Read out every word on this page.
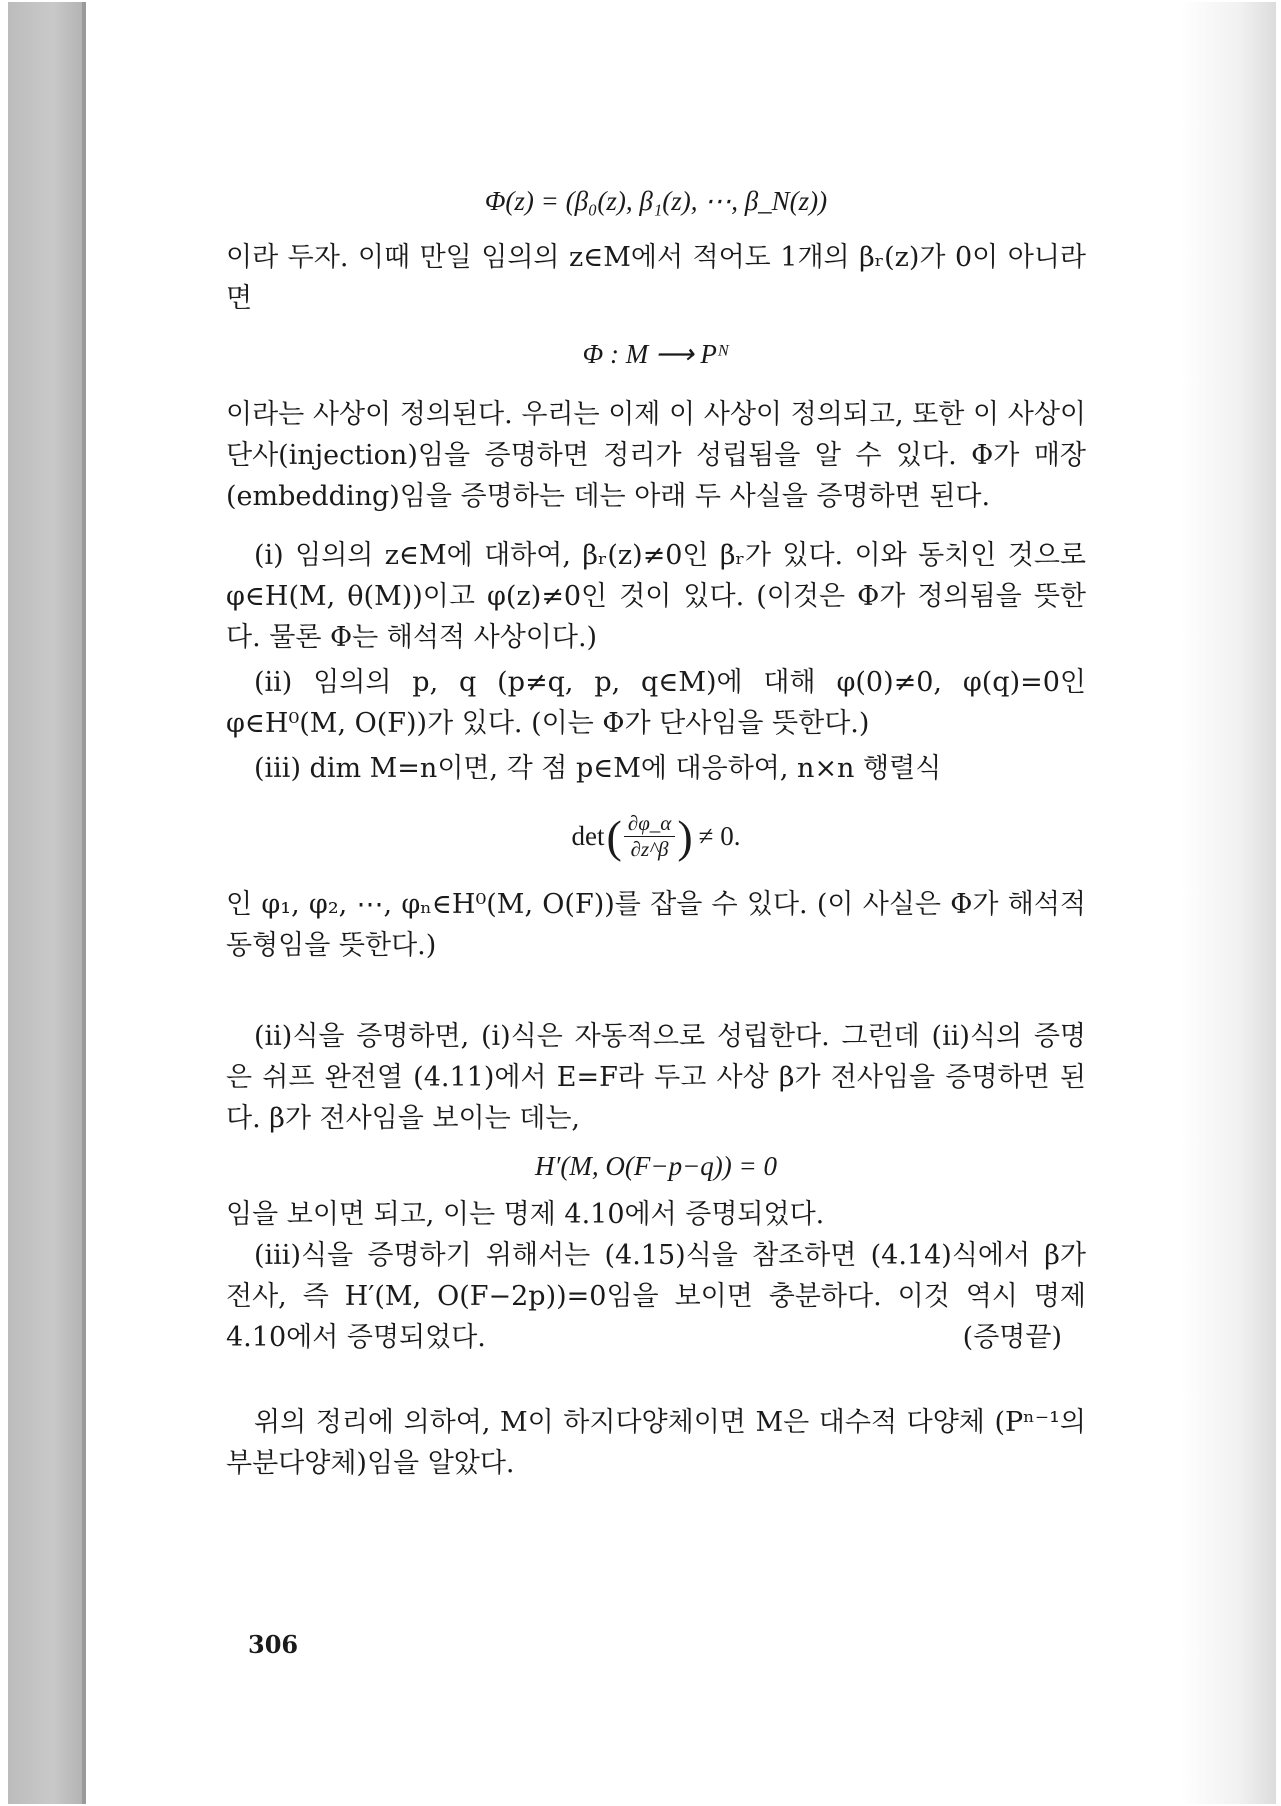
Φ(z) = (β₀(z), β₁(z), ⋯, β_N(z))

이라 두자. 이때 만일 임의의 z∈M에서 적어도 1개의 βᵣ(z)가 0이 아니라면

Φ : M ⟶ Pᴺ

이라는 사상이 정의된다. 우리는 이제 이 사상이 정의되고, 또한 이 사상이 단사(injection)임을 증명하면 정리가 성립됨을 알 수 있다. Φ가 매장(embedding)임을 증명하는 데는 아래 두 사실을 증명하면 된다.

(i) 임의의 z∈M에 대하여, βᵣ(z)≠0인 βᵣ가 있다. 이와 동치인 것으로 φ∈H(M, θ(M))이고 φ(z)≠0인 것이 있다. (이것은 Φ가 정의됨을 뜻한다. 물론 Φ는 해석적 사상이다.)

(ii) 임의의 p, q (p≠q, p, q∈M)에 대해 φ(0)≠0, φ(q)=0인 φ∈H⁰(M, O(F))가 있다. (이는 Φ가 단사임을 뜻한다.)

(iii) dim M=n이면, 각 점 p∈M에 대응하여, n×n 행렬식

det ( ∂φ_α
∂z^β ) ≠ 0.

인 φ₁, φ₂, ⋯, φₙ∈H⁰(M, O(F))를 잡을 수 있다. (이 사실은 Φ가 해석적 동형임을 뜻한다.)

(ii)식을 증명하면, (i)식은 자동적으로 성립한다. 그런데 (ii)식의 증명은 쉬프 완전열 (4.11)에서 E=F라 두고 사상 β가 전사임을 증명하면 된다. β가 전사임을 보이는 데는,

H′(M, O(F−p−q)) = 0

임을 보이면 되고, 이는 명제 4.10에서 증명되었다.

(iii)식을 증명하기 위해서는 (4.15)식을 참조하면 (4.14)식에서 β가 전사, 즉 H′(M, O(F−2p))=0임을 보이면 충분하다. 이것 역시 명제 4.10에서 증명되었다.	(증명끝)

위의 정리에 의하여, M이 하지다양체이면 M은 대수적 다양체 (Pⁿ⁻¹의 부분다양체)임을 알았다.

306
